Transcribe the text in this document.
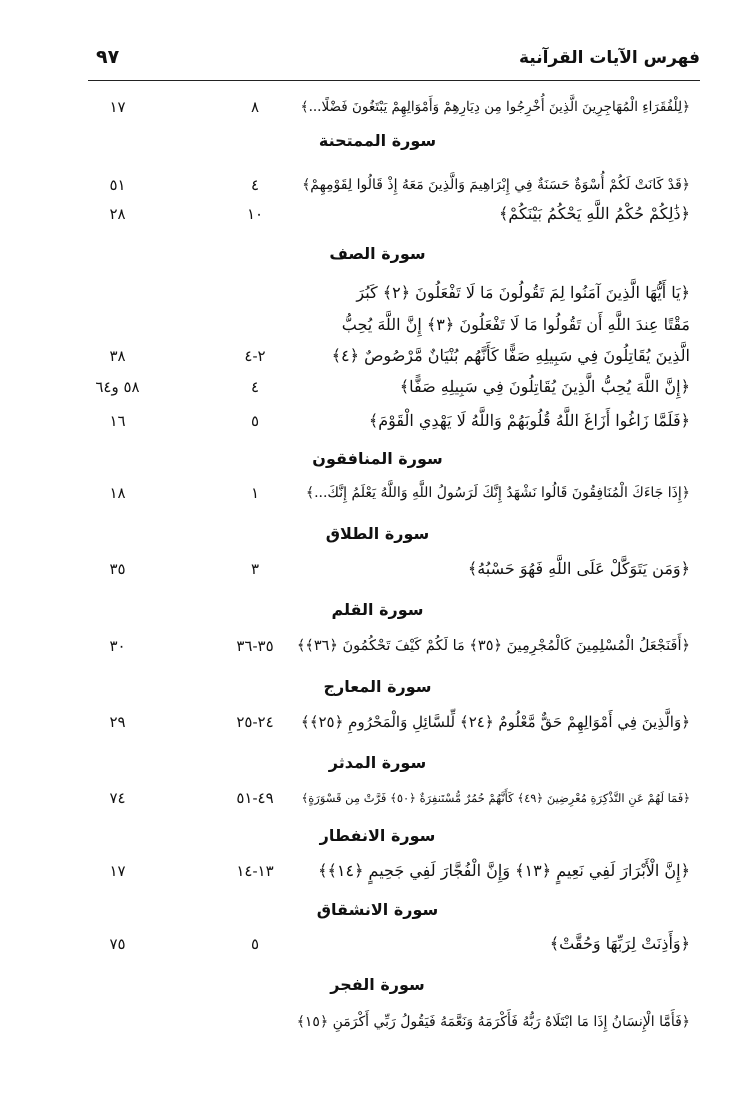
فهرس الآيات القرآنية
٩٧
﴿لِلْفُقَرَاءِ الْمُهَاجِرِينَ الَّذِينَ أُخْرِجُوا مِن دِيَارِهِمْ وَأَمْوَالِهِمْ يَبْتَغُونَ فَضْلًا...﴾
٨
١٧
سورة الممتحنة
﴿قَدْ كَانَتْ لَكُمْ أُسْوَةٌ حَسَنَةٌ فِي إِبْرَاهِيمَ وَالَّذِينَ مَعَهُ إِذْ قَالُوا لِقَوْمِهِمْ﴾
٤
٥١
﴿ذَٰلِكُمْ حُكْمُ اللَّهِ يَحْكُمُ بَيْنَكُمْ﴾
١٠
٢٨
سورة الصف
﴿يَا أَيُّهَا الَّذِينَ آمَنُوا لِمَ تَقُولُونَ مَا لَا تَفْعَلُونَ ﴿٢﴾ كَبُرَ
مَقْتًا عِندَ اللَّهِ أَن تَقُولُوا مَا لَا تَفْعَلُونَ ﴿٣﴾ إِنَّ اللَّهَ يُحِبُّ
الَّذِينَ يُقَاتِلُونَ فِي سَبِيلِهِ صَفًّا كَأَنَّهُم بُنْيَانٌ مَّرْصُوصٌ ﴿٤﴾
٢-٤
٣٨
﴿إِنَّ اللَّهَ يُحِبُّ الَّذِينَ يُقَاتِلُونَ فِي سَبِيلِهِ صَفًّا﴾
٤
٥٨ و٦٤
﴿فَلَمَّا زَاغُوا أَزَاغَ اللَّهُ قُلُوبَهُمْ وَاللَّهُ لَا يَهْدِي الْقَوْمَ﴾
٥
١٦
سورة المنافقون
﴿إِذَا جَاءَكَ الْمُنَافِقُونَ قَالُوا نَشْهَدُ إِنَّكَ لَرَسُولُ اللَّهِ وَاللَّهُ يَعْلَمُ إِنَّكَ...﴾
١
١٨
سورة الطلاق
﴿وَمَن يَتَوَكَّلْ عَلَى اللَّهِ فَهُوَ حَسْبُهُ﴾
٣
٣٥
سورة القلم
﴿أَفَنَجْعَلُ الْمُسْلِمِينَ كَالْمُجْرِمِينَ ﴿٣٥﴾ مَا لَكُمْ كَيْفَ تَحْكُمُونَ ﴿٣٦﴾﴾
٣٥-٣٦
٣٠
سورة المعارج
﴿وَالَّذِينَ فِي أَمْوَالِهِمْ حَقٌّ مَّعْلُومٌ ﴿٢٤﴾ لِّلسَّائِلِ وَالْمَحْرُومِ ﴿٢٥﴾﴾
٢٤-٢٥
٢٩
سورة المدثر
﴿فَمَا لَهُمْ عَنِ التَّذْكِرَةِ مُعْرِضِينَ ﴿٤٩﴾ كَأَنَّهُمْ حُمُرٌ مُّسْتَنفِرَةٌ ﴿٥٠﴾ فَرَّتْ مِن قَسْوَرَةٍ﴾
٤٩-٥١
٧٤
سورة الانفطار
﴿إِنَّ الْأَبْرَارَ لَفِي نَعِيمٍ ﴿١٣﴾ وَإِنَّ الْفُجَّارَ لَفِي جَحِيمٍ ﴿١٤﴾﴾
١٣-١٤
١٧
سورة الانشقاق
﴿وَأَذِنَتْ لِرَبِّهَا وَحُقَّتْ﴾
٥
٧٥
سورة الفجر
﴿فَأَمَّا الْإِنسَانُ إِذَا مَا ابْتَلَاهُ رَبُّهُ فَأَكْرَمَهُ وَنَعَّمَهُ فَيَقُولُ رَبِّي أَكْرَمَنِ ﴿١٥﴾
